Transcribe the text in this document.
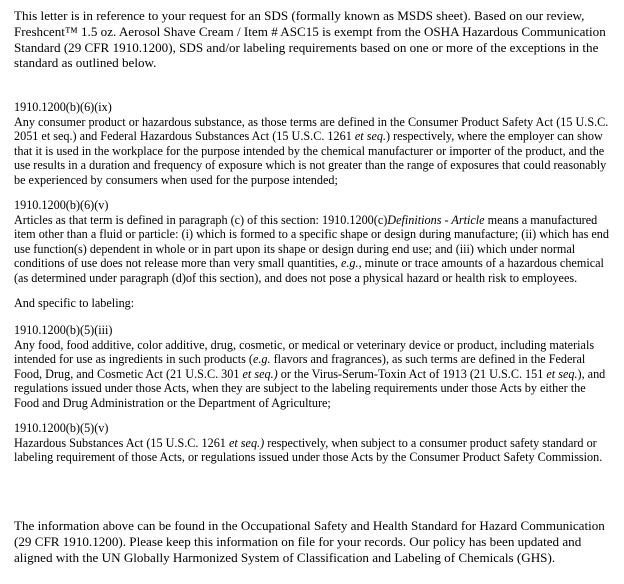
This letter is in reference to your request for an SDS (formally known as MSDS sheet). Based on our review, Freshcent™ 1.5 oz. Aerosol Shave Cream / Item # ASC15 is exempt from the OSHA Hazardous Communication Standard (29 CFR 1910.1200), SDS and/or labeling requirements based on one or more of the exceptions in the standard as outlined below.

1910.1200(b)(6)(ix)

Any consumer product or hazardous substance, as those terms are defined in the Consumer Product Safety Act (15 U.S.C. 2051 et seq.) and Federal Hazardous Substances Act (15 U.S.C. 1261 et seq.) respectively, where the employer can show that it is used in the workplace for the purpose intended by the chemical manufacturer or importer of the product, and the use results in a duration and frequency of exposure which is not greater than the range of exposures that could reasonably be experienced by consumers when used for the purpose intended;

1910.1200(b)(6)(v)

Articles as that term is defined in paragraph (c) of this section: 1910.1200(c)Definitions - Article means a manufactured item other than a fluid or particle: (i) which is formed to a specific shape or design during manufacture; (ii) which has end use function(s) dependent in whole or in part upon its shape or design during end use; and (iii) which under normal conditions of use does not release more than very small quantities, e.g., minute or trace amounts of a hazardous chemical (as determined under paragraph (d)of this section), and does not pose a physical hazard or health risk to employees.

And specific to labeling:

1910.1200(b)(5)(iii)

Any food, food additive, color additive, drug, cosmetic, or medical or veterinary device or product, including materials intended for use as ingredients in such products (e.g. flavors and fragrances), as such terms are defined in the Federal Food, Drug, and Cosmetic Act (21 U.S.C. 301 et seq.) or the Virus-Serum-Toxin Act of 1913 (21 U.S.C. 151 et seq.), and regulations issued under those Acts, when they are subject to the labeling requirements under those Acts by either the Food and Drug Administration or the Department of Agriculture;

1910.1200(b)(5)(v)

Hazardous Substances Act (15 U.S.C. 1261 et seq.) respectively, when subject to a consumer product safety standard or labeling requirement of those Acts, or regulations issued under those Acts by the Consumer Product Safety Commission.

The information above can be found in the Occupational Safety and Health Standard for Hazard Communication (29 CFR 1910.1200). Please keep this information on file for your records. Our policy has been updated and aligned with the UN Globally Harmonized System of Classification and Labeling of Chemicals (GHS).
